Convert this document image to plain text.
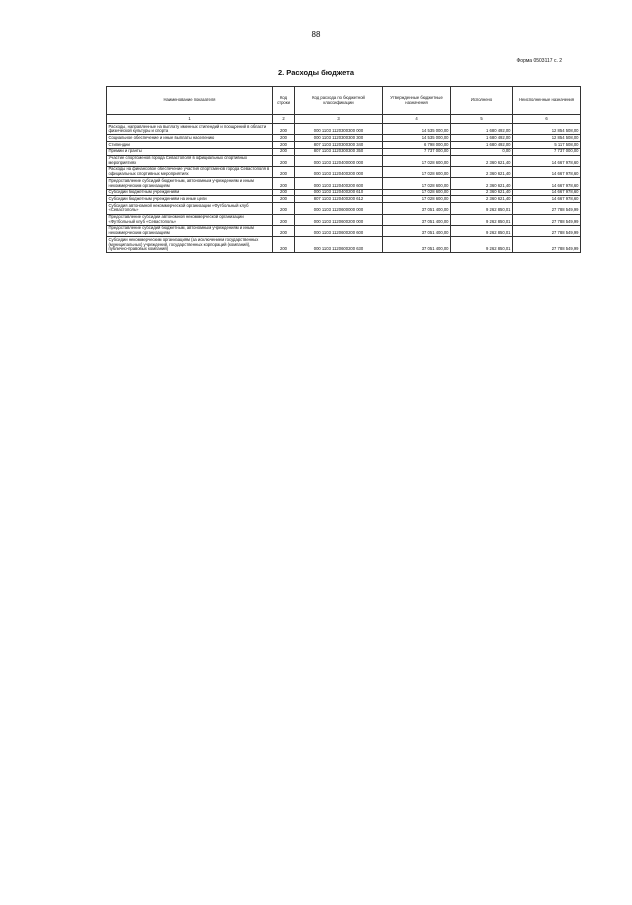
88
Форма 0503117 с. 2
2. Расходы бюджета
Наименование показателя	Код строки	Код расхода по бюджетной классификации	Утвержденные бюджетные назначения	Исполнено	Неисполненные назначения
1	2	3	4	5	6
Расходы, направленные на выплату именных стипендий и поощрений в области физической культуры и спорта	200	000 1103 1120300300 000	14 535 000,00	1 680 492,00	12 854 508,00
Социальное обеспечение и иные выплаты населению	200	000 1103 1120300300 300	14 535 000,00	1 680 492,00	12 854 508,00
Стипендии	200	807 1103 1120300300 340	6 798 000,00	1 680 492,00	5 117 508,00
Премии и гранты	200	807 1103 1120300300 350	7 737 000,00	0,00	7 737 000,00
Участие спортсменов города Севастополя в официальных спортивных мероприятиях	200	000 1103 1120400000 000	17 028 600,00	2 360 621,40	14 667 978,60
Расходы на финансовое обеспечение участия спортсменов города Севастополя в официальных спортивных мероприятиях	200	000 1103 1120400200 000	17 028 600,00	2 360 621,40	14 667 978,60
Предоставление субсидий бюджетным, автономным учреждениям и иным некоммерческим организациям	200	000 1103 1120400200 600	17 028 600,00	2 360 621,40	14 667 978,60
Субсидии бюджетным учреждениям	200	000 1103 1120400200 610	17 028 600,00	2 360 621,40	14 667 978,60
Субсидии бюджетным учреждениям на иные цели	200	807 1103 1120400200 612	17 028 600,00	2 360 621,40	14 667 978,60
Субсидия автономной некоммерческой организации «Футбольный клуб «Севастополь»	200	000 1103 1120600000 000	37 051 400,00	9 262 850,01	27 788 549,99
Предоставление субсидии автономной некоммерческой организации «Футбольный клуб «Севастополь»	200	000 1103 1120600200 000	37 051 400,00	9 262 850,01	27 788 549,99
Предоставление субсидий бюджетным, автономным учреждениям и иным некоммерческим организациям	200	000 1103 1120600200 600	37 051 400,00	9 262 850,01	27 788 549,99
Субсидии некоммерческим организациям (за исключением государственных (муниципальных) учреждений, государственных корпораций (компаний), публично-правовых компаний)	200	000 1103 1120600200 630	37 051 400,00	9 262 850,01	27 788 549,99
